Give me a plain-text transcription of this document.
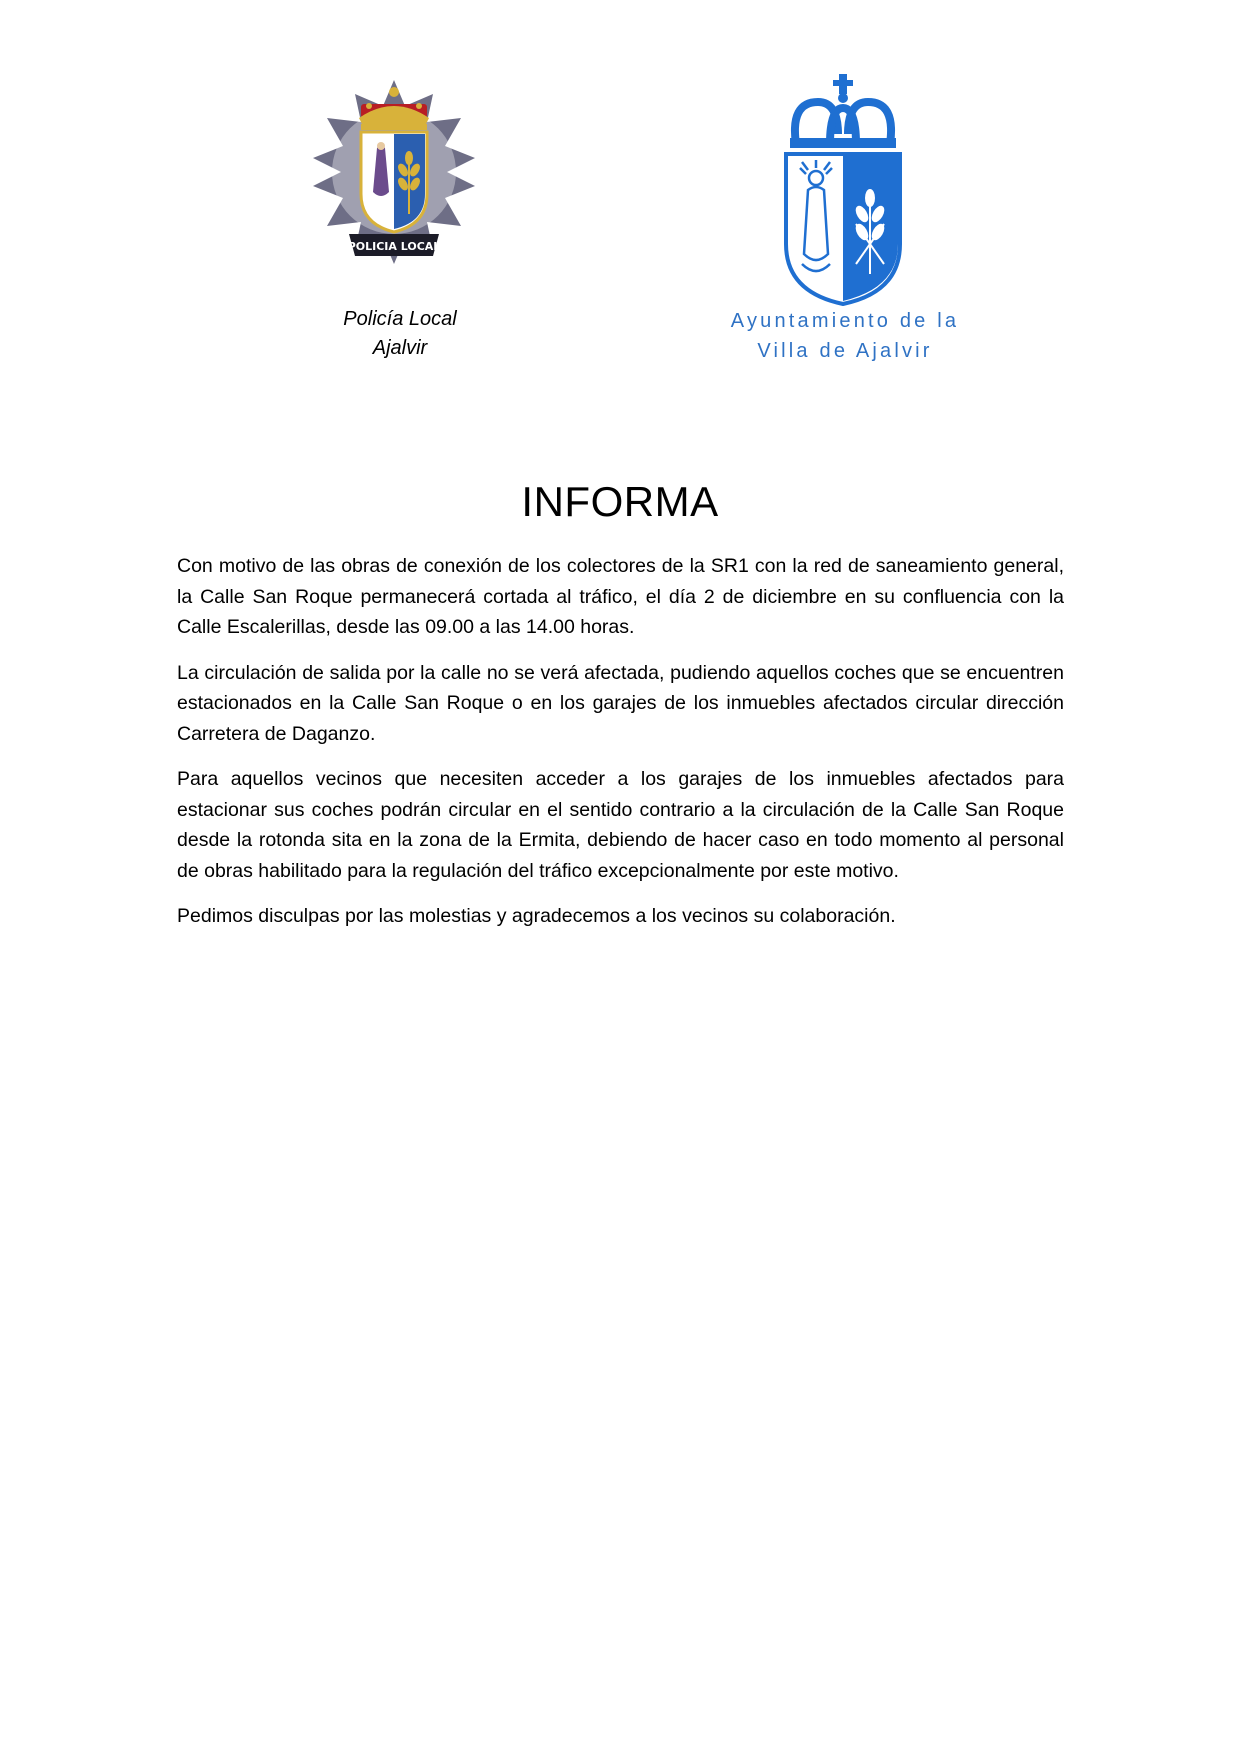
POLICIA LOCAL
Policía Local
Ajalvir
Ayuntamiento de la
Villa de Ajalvir
INFORMA

Con motivo de las obras de conexión de los colectores de la SR1 con la red de saneamiento general, la Calle San Roque permanecerá cortada al tráfico, el día 2 de diciembre en su confluencia con la Calle Escalerillas, desde las 09.00 a las 14.00 horas.

La circulación de salida por la calle no se verá afectada, pudiendo aquellos coches que se encuentren estacionados en la Calle San Roque o en los garajes de los inmuebles afectados circular dirección Carretera de Daganzo.

Para aquellos vecinos que necesiten acceder a los garajes de los inmuebles afectados para estacionar sus coches podrán circular en el sentido contrario a la circulación de la Calle San Roque desde la rotonda sita en la zona de la Ermita, debiendo de hacer caso en todo momento al personal de obras habilitado para la regulación del tráfico excepcionalmente por este motivo.

Pedimos disculpas por las molestias y agradecemos a los vecinos su colaboración.
